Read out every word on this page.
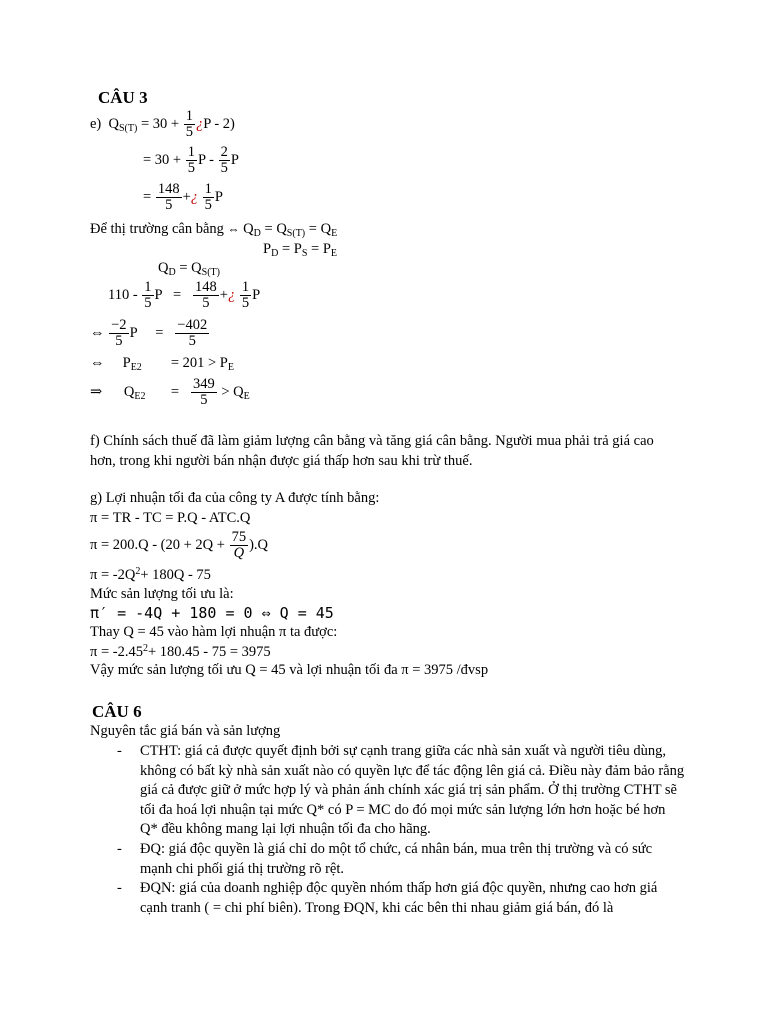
CÂU 3
e) $Q_{S(T)} = 30 + \frac{1}{5}$ ¿P - 2)
= $30 + \frac{1}{5}$ P - $\frac{2}{5}$ P
= $\frac{148}{5}$ +¿ $\frac{1}{5}$ P
Để thị trường cân bằng ⇔ $Q_D = Q_{S(T)} = Q_E$
$P_D = P_S = P_E$
$Q_D = Q_{S(T)}$
$110 - \frac{1}{5}$ $P = \frac{148}{5}$ +¿ $\frac{1}{5}$ P
⇔ $\frac{-2}{5}$ $P = \frac{-402}{5}$
⇔ $P_{E2} = 201 > P_E$
⇒ $Q_{E2} = \frac{349}{5} > Q_E$
f) Chính sách thuế đã làm giảm lượng cân bằng và tăng giá cân bằng. Người mua phải trả giá cao hơn, trong khi người bán nhận được giá thấp hơn sau khi trừ thuế.
g) Lợi nhuận tối đa của công ty A được tính bằng:
π = TR - TC = P.Q - ATC.Q
$\pi = 200.Q - (20 + 2Q + \frac{75}{Q} ).Q$
$\pi = -2Q^2+ 180Q - 75$
Mức sản lượng tối ưu là:
π′ = -4Q + 180 = 0 ⇔ Q = 45
Thay Q = 45 vào hàm lợi nhuận π ta được:
$\pi = -2.45^2+ 180.45 - 75 = 3975$
Vậy mức sản lượng tối ưu Q = 45 và lợi nhuận tối đa π = 3975 /đvsp
CÂU 6
Nguyên tắc giá bán và sản lượng
- CTHT: giá cả được quyết định bởi sự cạnh trang giữa các nhà sản xuất và người tiêu dùng, không có bất kỳ nhà sản xuất nào có quyền lực để tác động lên giá cả. Điều này đảm bảo rằng giá cả được giữ ở mức hợp lý và phản ánh chính xác giá trị sản phẩm. Ở thị trường CTHT sẽ tối đa hoá lợi nhuận tại mức Q* có P = MC do đó mọi mức sản lượng lớn hơn hoặc bé hơn Q* đều không mang lại lợi nhuận tối đa cho hãng.
- ĐQ: giá độc quyền là giá chỉ do một tổ chức, cá nhân bán, mua trên thị trường và có sức mạnh chi phối giá thị trường rõ rệt.
- ĐQN: giá của doanh nghiệp độc quyền nhóm thấp hơn giá độc quyền, nhưng cao hơn giá cạnh tranh ( = chi phí biên). Trong ĐQN, khi các bên thi nhau giảm giá bán, đó là
